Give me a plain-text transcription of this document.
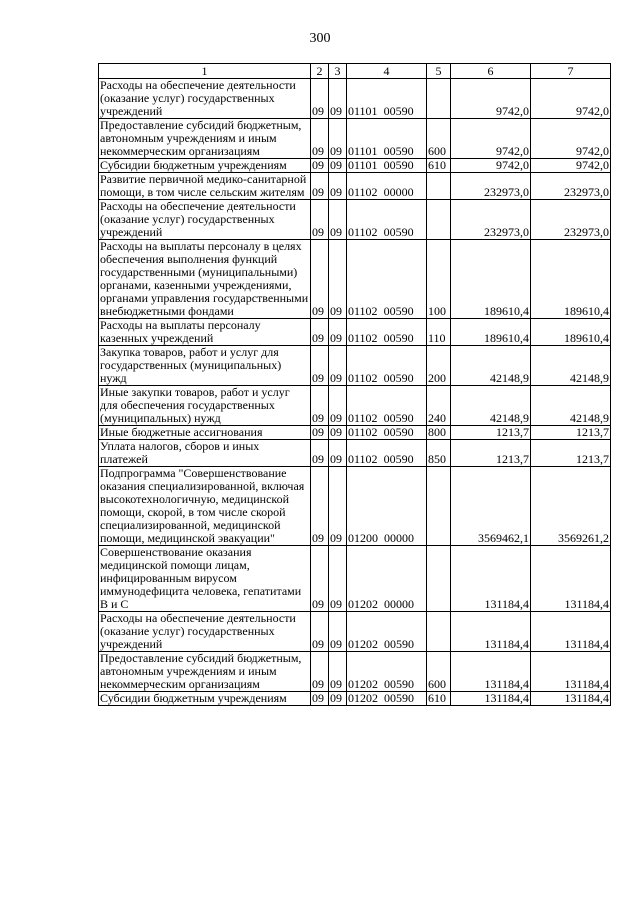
300
1	2	3	4	5	6	7
Расходы на обеспечение деятельности (оказание услуг) государственных учреждений	09	09	01101 00590		9742,0	9742,0
Предоставление субсидий бюджетным, автономным учреждениям и иным некоммерческим организациям	09	09	01101 00590	600	9742,0	9742,0
Субсидии бюджетным учреждениям	09	09	01101 00590	610	9742,0	9742,0
Развитие первичной медико-санитарной помощи, в том числе сельским жителям	09	09	01102 00000		232973,0	232973,0
Расходы на обеспечение деятельности (оказание услуг) государственных учреждений	09	09	01102 00590		232973,0	232973,0
Расходы на выплаты персоналу в целях обеспечения выполнения функций государственными (муниципальными) органами, казенными учреждениями, органами управления государственными внебюджетными фондами	09	09	01102 00590	100	189610,4	189610,4
Расходы на выплаты персоналу казенных учреждений	09	09	01102 00590	110	189610,4	189610,4
Закупка товаров, работ и услуг для государственных (муниципальных) нужд	09	09	01102 00590	200	42148,9	42148,9
Иные закупки товаров, работ и услуг для обеспечения государственных (муниципальных) нужд	09	09	01102 00590	240	42148,9	42148,9
Иные бюджетные ассигнования	09	09	01102 00590	800	1213,7	1213,7
Уплата налогов, сборов и иных платежей	09	09	01102 00590	850	1213,7	1213,7
Подпрограмма "Совершенствование оказания специализированной, включая высокотехнологичную, медицинской помощи, скорой, в том числе скорой специализированной, медицинской помощи, медицинской эвакуации"	09	09	01200 00000		3569462,1	3569261,2
Совершенствование оказания медицинской помощи лицам, инфицированным вирусом иммунодефицита человека, гепатитами B и C	09	09	01202 00000		131184,4	131184,4
Расходы на обеспечение деятельности (оказание услуг) государственных учреждений	09	09	01202 00590		131184,4	131184,4
Предоставление субсидий бюджетным, автономным учреждениям и иным некоммерческим организациям	09	09	01202 00590	600	131184,4	131184,4
Субсидии бюджетным учреждениям	09	09	01202 00590	610	131184,4	131184,4
